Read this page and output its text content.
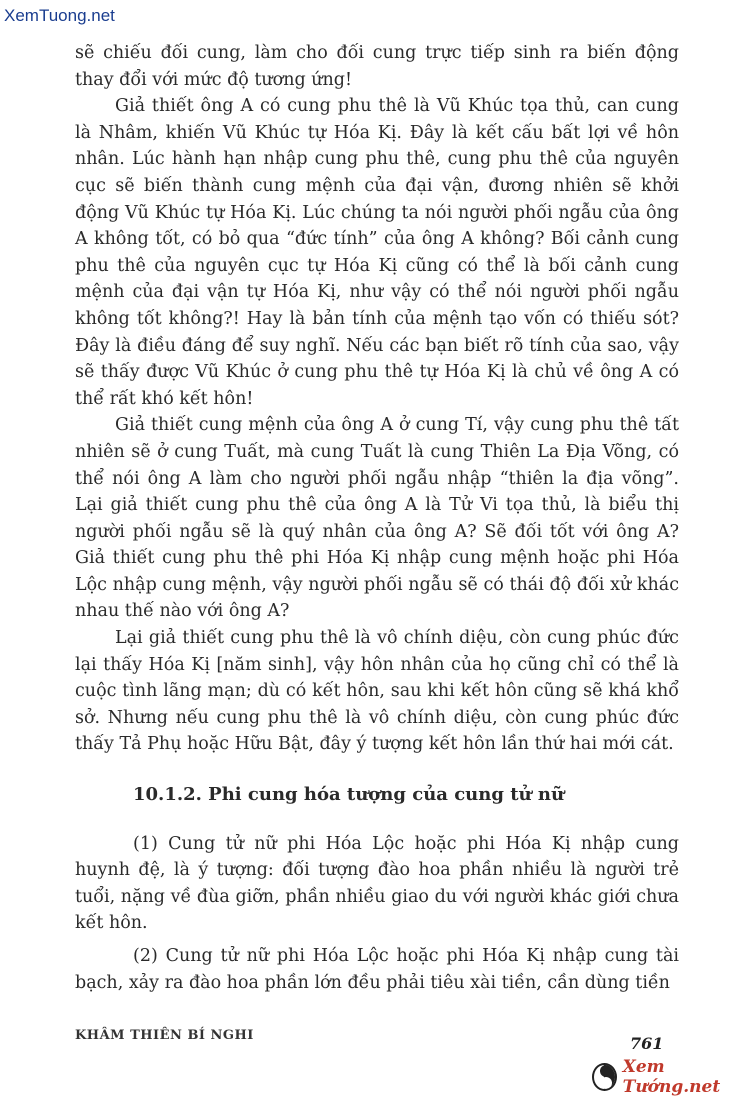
XemTuong.net

sẽ chiếu đối cung, làm cho đối cung trực tiếp sinh ra biến động thay đổi với mức độ tương ứng!

Giả thiết ông A có cung phu thê là Vũ Khúc tọa thủ, can cung là Nhâm, khiến Vũ Khúc tự Hóa Kị. Đây là kết cấu bất lợi về hôn nhân. Lúc hành hạn nhập cung phu thê, cung phu thê của nguyên cục sẽ biến thành cung mệnh của đại vận, đương nhiên sẽ khởi động Vũ Khúc tự Hóa Kị. Lúc chúng ta nói người phối ngẫu của ông A không tốt, có bỏ qua “đức tính” của ông A không? Bối cảnh cung phu thê của nguyên cục tự Hóa Kị cũng có thể là bối cảnh cung mệnh của đại vận tự Hóa Kị, như vậy có thể nói người phối ngẫu không tốt không?! Hay là bản tính của mệnh tạo vốn có thiếu sót? Đây là điều đáng để suy nghĩ. Nếu các bạn biết rõ tính của sao, vậy sẽ thấy được Vũ Khúc ở cung phu thê tự Hóa Kị là chủ về ông A có thể rất khó kết hôn!

Giả thiết cung mệnh của ông A ở cung Tí, vậy cung phu thê tất nhiên sẽ ở cung Tuất, mà cung Tuất là cung Thiên La Địa Võng, có thể nói ông A làm cho người phối ngẫu nhập “thiên la địa võng”. Lại giả thiết cung phu thê của ông A là Tử Vi tọa thủ, là biểu thị người phối ngẫu sẽ là quý nhân của ông A? Sẽ đối tốt với ông A? Giả thiết cung phu thê phi Hóa Kị nhập cung mệnh hoặc phi Hóa Lộc nhập cung mệnh, vậy người phối ngẫu sẽ có thái độ đối xử khác nhau thế nào với ông A?

Lại giả thiết cung phu thê là vô chính diệu, còn cung phúc đức lại thấy Hóa Kị [năm sinh], vậy hôn nhân của họ cũng chỉ có thể là cuộc tình lãng mạn; dù có kết hôn, sau khi kết hôn cũng sẽ khá khổ sở. Nhưng nếu cung phu thê là vô chính diệu, còn cung phúc đức thấy Tả Phụ hoặc Hữu Bật, đây ý tượng kết hôn lần thứ hai mới cát.

10.1.2. Phi cung hóa tượng của cung tử nữ

(1) Cung tử nữ phi Hóa Lộc hoặc phi Hóa Kị nhập cung huynh đệ, là ý tượng: đối tượng đào hoa phần nhiều là người trẻ tuổi, nặng về đùa giỡn, phần nhiều giao du với người khác giới chưa kết hôn.

(2) Cung tử nữ phi Hóa Lộc hoặc phi Hóa Kị nhập cung tài bạch, xảy ra đào hoa phần lớn đều phải tiêu xài tiền, cần dùng tiền

KHÂM THIÊN BÍ NGHI	761
Xem Tướng.net
